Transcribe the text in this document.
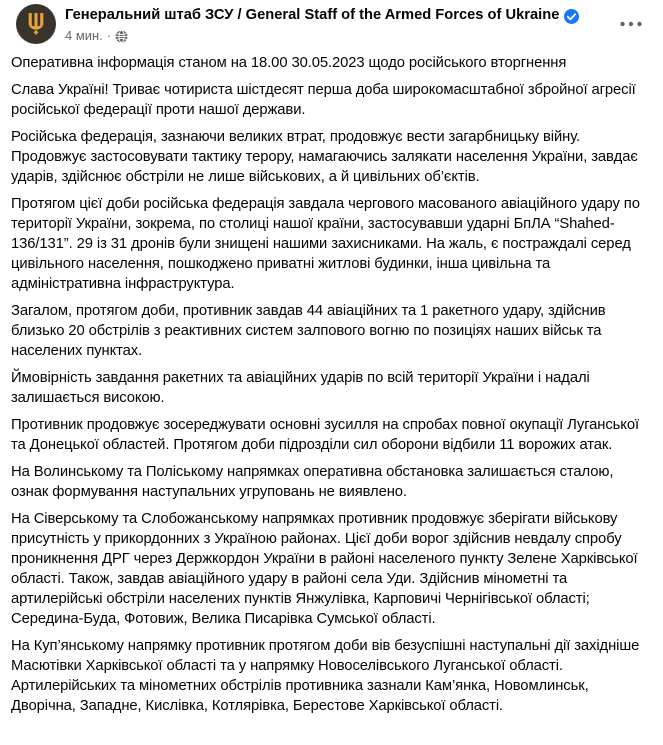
Генеральний штаб ЗСУ / General Staff of the Armed Forces of Ukraine
4 мин. ·

Оперативна інформація станом на 18.00 30.05.2023 щодо російського вторгнення

Слава Україні! Триває чотириста шістдесят перша доба широкомасштабної збройної агресії російської федерації проти нашої держави.

Російська федерація, зазнаючи великих втрат, продовжує вести загарбницьку війну. Продовжує застосовувати тактику терору, намагаючись залякати населення України, завдає ударів, здійснює обстріли не лише військових, а й цивільних об’єктів.

Протягом цієї доби російська федерація завдала чергового масованого авіаційного удару по території України, зокрема, по столиці нашої країни, застосувавши ударні БпЛА “Shahed-136/131”. 29 із 31 дронів були знищені нашими захисниками. На жаль, є постраждалі серед цивільного населення, пошкоджено приватні житлові будинки, інша цивільна та адміністративна інфраструктура.

Загалом, протягом доби, противник завдав 44 авіаційних та 1 ракетного удару, здійснив близько 20 обстрілів з реактивних систем залпового вогню по позиціях наших військ та населених пунктах.

Ймовірність завдання ракетних та авіаційних ударів по всій території України і надалі залишається високою.

Противник продовжує зосереджувати основні зусилля на спробах повної окупації Луганської та Донецької областей. Протягом доби підрозділи сил оборони відбили 11 ворожих атак.

На Волинському та Поліському напрямках оперативна обстановка залишається сталою, ознак формування наступальних угруповань не виявлено.

На Сіверському та Слобожанському напрямках противник продовжує зберігати військову присутність у прикордонних з Україною районах. Цієї доби ворог здійснив невдалу спробу проникнення ДРГ через Держкордон України в районі населеного пункту Зелене Харківської області. Також, завдав авіаційного удару в районі села Уди. Здійснив мінометні та артилерійські обстріли населених пунктів Янжулівка, Карповичі Чернігівської області; Середина-Буда, Фотовиж, Велика Писарівка Сумської області.

На Куп’янському напрямку противник протягом доби вів безуспішні наступальні дії західніше Масютівки Харківської області та у напрямку Новоселівського Луганської області. Артилерійських та мінометних обстрілів противника зазнали Кам’янка, Новомлинськ, Дворічна, Западне, Кислівка, Котлярівка, Берестове Харківської області.
